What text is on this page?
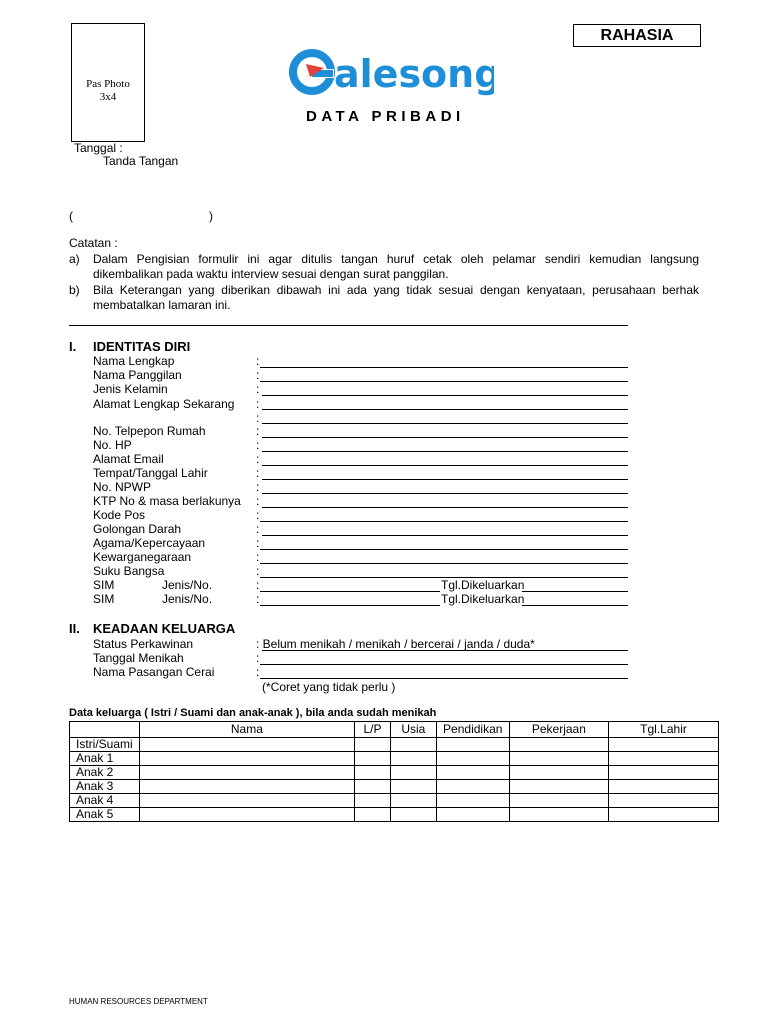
Pas Photo
3x4
RAHASIA
alesong
DATA PRIBADI
Tanggal :
Tanda Tangan
(	)
Catatan :
a) Dalam Pengisian formulir ini agar ditulis tangan huruf cetak oleh pelamar sendiri kemudian langsung
dikembalikan pada waktu interview sesuai dengan surat panggilan.
b) Bila Keterangan yang diberikan dibawah ini ada yang tidak sesuai dengan kenyataan, perusahaan berhak
membatalkan lamaran ini.
I. IDENTITAS DIRI
Nama Lengkap	:
Nama Panggilan	:
Jenis Kelamin	:
Alamat Lengkap Sekarang :
:
No. Telpepon Rumah	:
No. HP	:
Alamat Email	:
Tempat/Tanggal Lahir	:
No. NPWP	:
KTP No & masa berlakunya :
Kode Pos	:
Golongan Darah	:
Agama/Kepercayaan	:
Kewarganegaraan	:
Suku Bangsa	:
SIM	Jenis/No.	:	Tgl.Dikeluarkan
SIM	Jenis/No.	:	Tgl.Dikeluarkan
II. KEADAAN KELUARGA
Status Perkawinan	: Belum menikah / menikah / bercerai / janda / duda*
Tanggal Menikah	:
Nama Pasangan Cerai	:
(*Coret yang tidak perlu )
Data keluarga ( Istri / Suami dan anak-anak ), bila anda sudah menikah
	Nama	L/P	Usia	Pendidikan	Pekerjaan	Tgl.Lahir
Istri/Suami						
Anak 1						
Anak 2						
Anak 3						
Anak 4						
Anak 5						
HUMAN RESOURCES DEPARTMENT
